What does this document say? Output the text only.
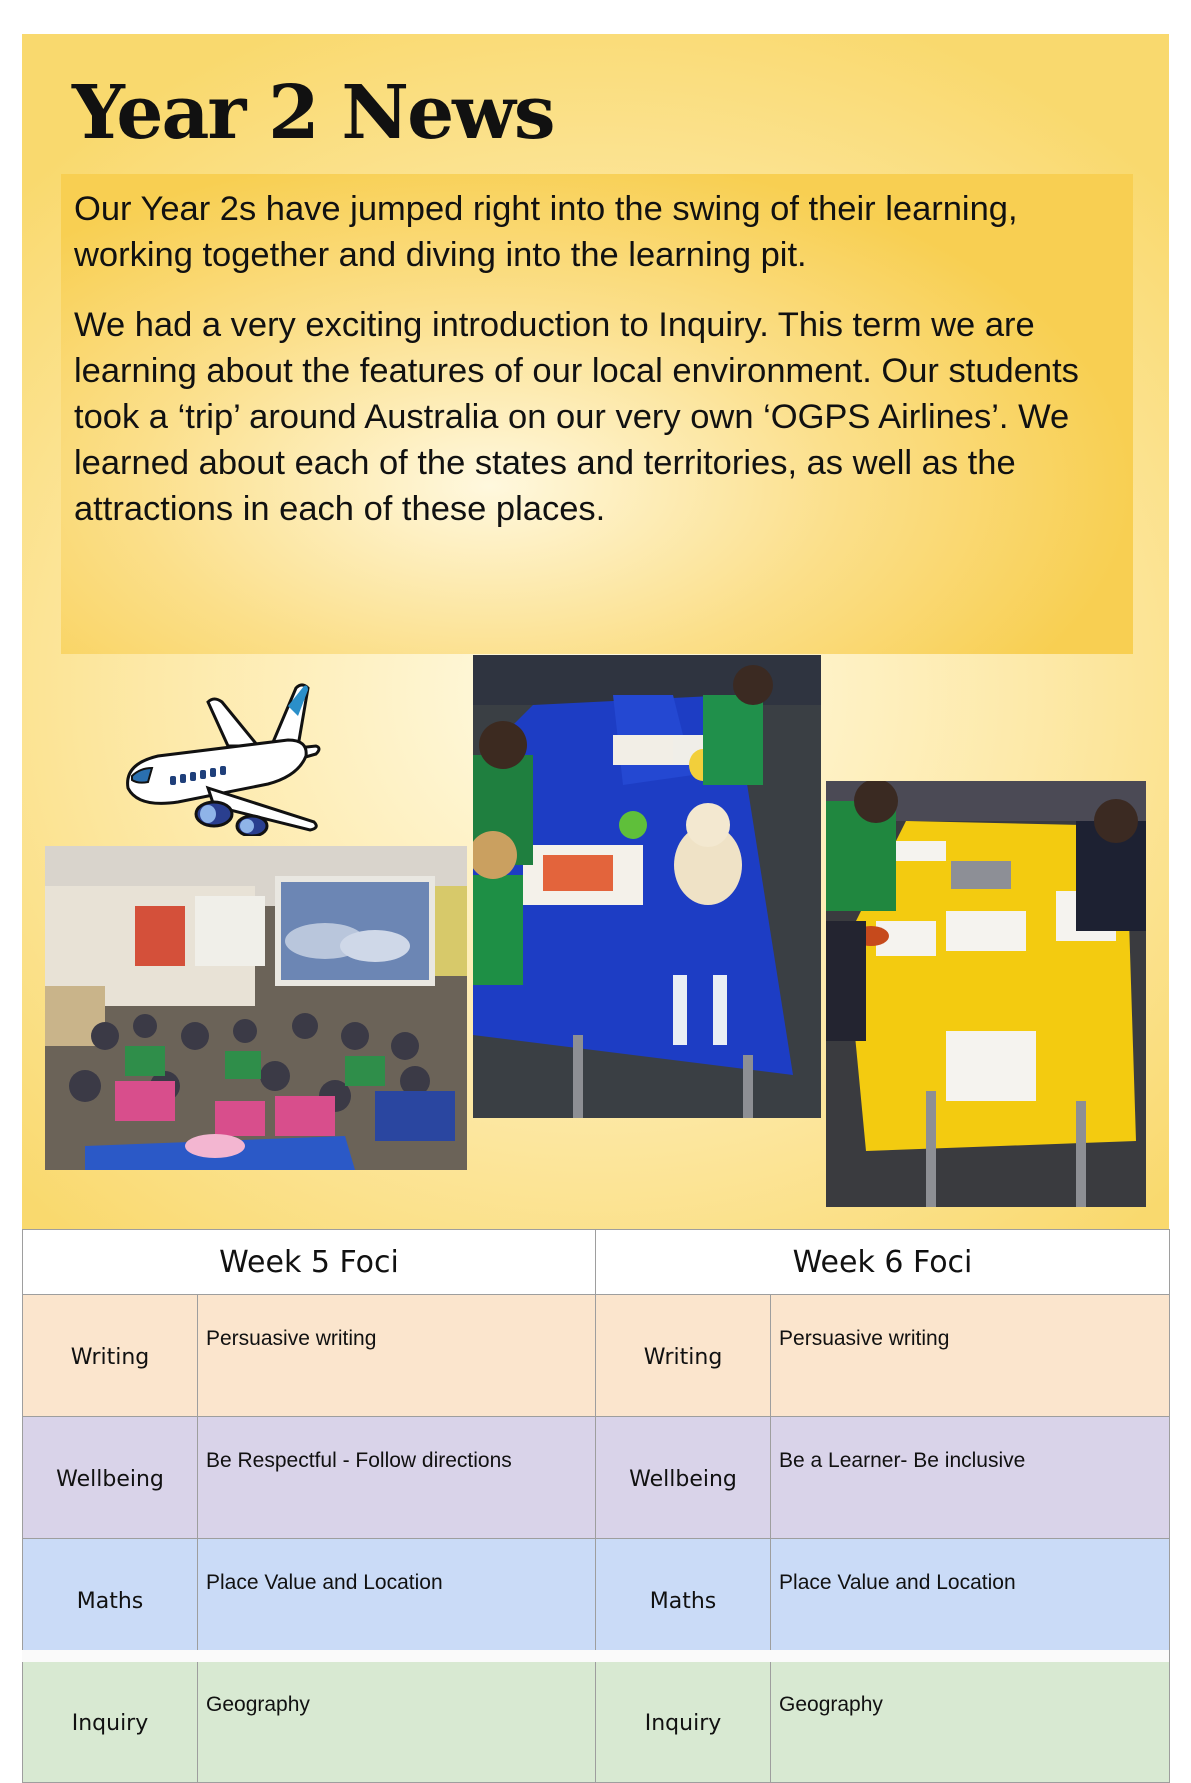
Year 2 News

Our Year 2s have jumped right into the swing of their learning, working together and diving into the learning pit.

We had a very exciting introduction to Inquiry. This term we are learning about the features of our local environment. Our students took a ‘trip’ around Australia on our very own ‘OGPS Airlines’. We learned about each of the states and territories, as well as the attractions in each of these places.

Week 5 Foci		Week 6 Foci	

Writing	Persuasive writing	Writing	Persuasive writing

Wellbeing	Be Respectful - Follow directions	Wellbeing	Be a Learner- Be inclusive

Maths	Place Value and Location	Maths	Place Value and Location

Inquiry	Geography	Inquiry	Geography
